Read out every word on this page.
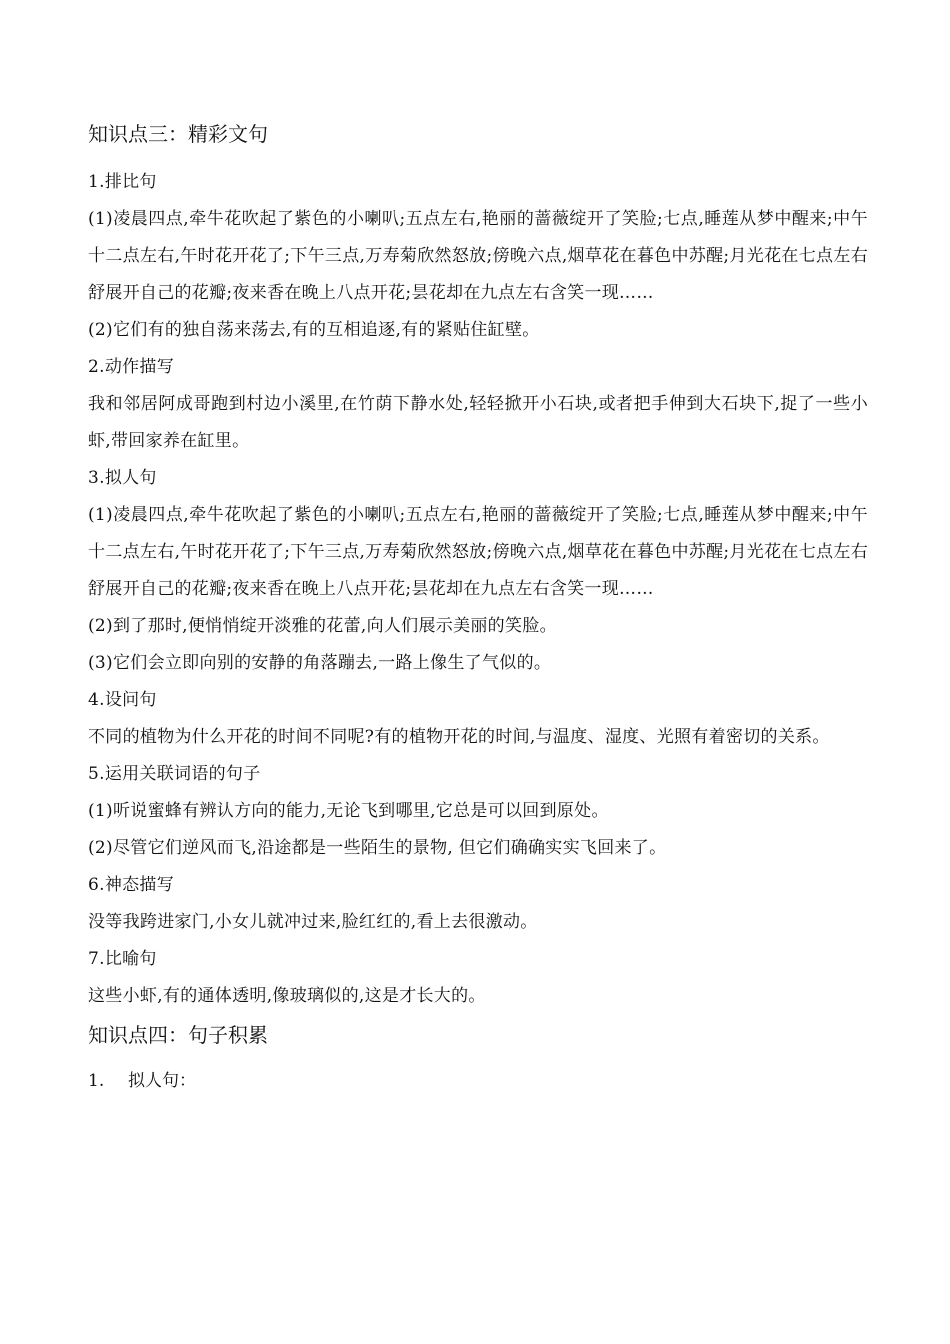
知识点三：精彩文句

1.排比句

(1)凌晨四点,牵牛花吹起了紫色的小喇叭;五点左右,艳丽的蔷薇绽开了笑脸;七点,睡莲从梦中醒来;中午十二点左右,午时花开花了;下午三点,万寿菊欣然怒放;傍晚六点,烟草花在暮色中苏醒;月光花在七点左右舒展开自己的花瓣;夜来香在晚上八点开花;昙花却在九点左右含笑一现……

(2)它们有的独自荡来荡去,有的互相追逐,有的紧贴住缸壁。

2.动作描写

我和邻居阿成哥跑到村边小溪里,在竹荫下静水处,轻轻掀开小石块,或者把手伸到大石块下,捉了一些小虾,带回家养在缸里。

3.拟人句

(1)凌晨四点,牵牛花吹起了紫色的小喇叭;五点左右,艳丽的蔷薇绽开了笑脸;七点,睡莲从梦中醒来;中午十二点左右,午时花开花了;下午三点,万寿菊欣然怒放;傍晚六点,烟草花在暮色中苏醒;月光花在七点左右舒展开自己的花瓣;夜来香在晚上八点开花;昙花却在九点左右含笑一现……

(2)到了那时,便悄悄绽开淡雅的花蕾,向人们展示美丽的笑脸。

(3)它们会立即向别的安静的角落蹦去,一路上像生了气似的。

4.设问句

不同的植物为什么开花的时间不同呢?有的植物开花的时间,与温度、湿度、光照有着密切的关系。

5.运用关联词语的句子

(1)听说蜜蜂有辨认方向的能力,无论飞到哪里,它总是可以回到原处。

(2)尽管它们逆风而飞,沿途都是一些陌生的景物, 但它们确确实实飞回来了。

6.神态描写

没等我跨进家门,小女儿就冲过来,脸红红的,看上去很激动。

7.比喻句

这些小虾,有的通体透明,像玻璃似的,这是才长大的。

知识点四：句子积累

1. 拟人句：
